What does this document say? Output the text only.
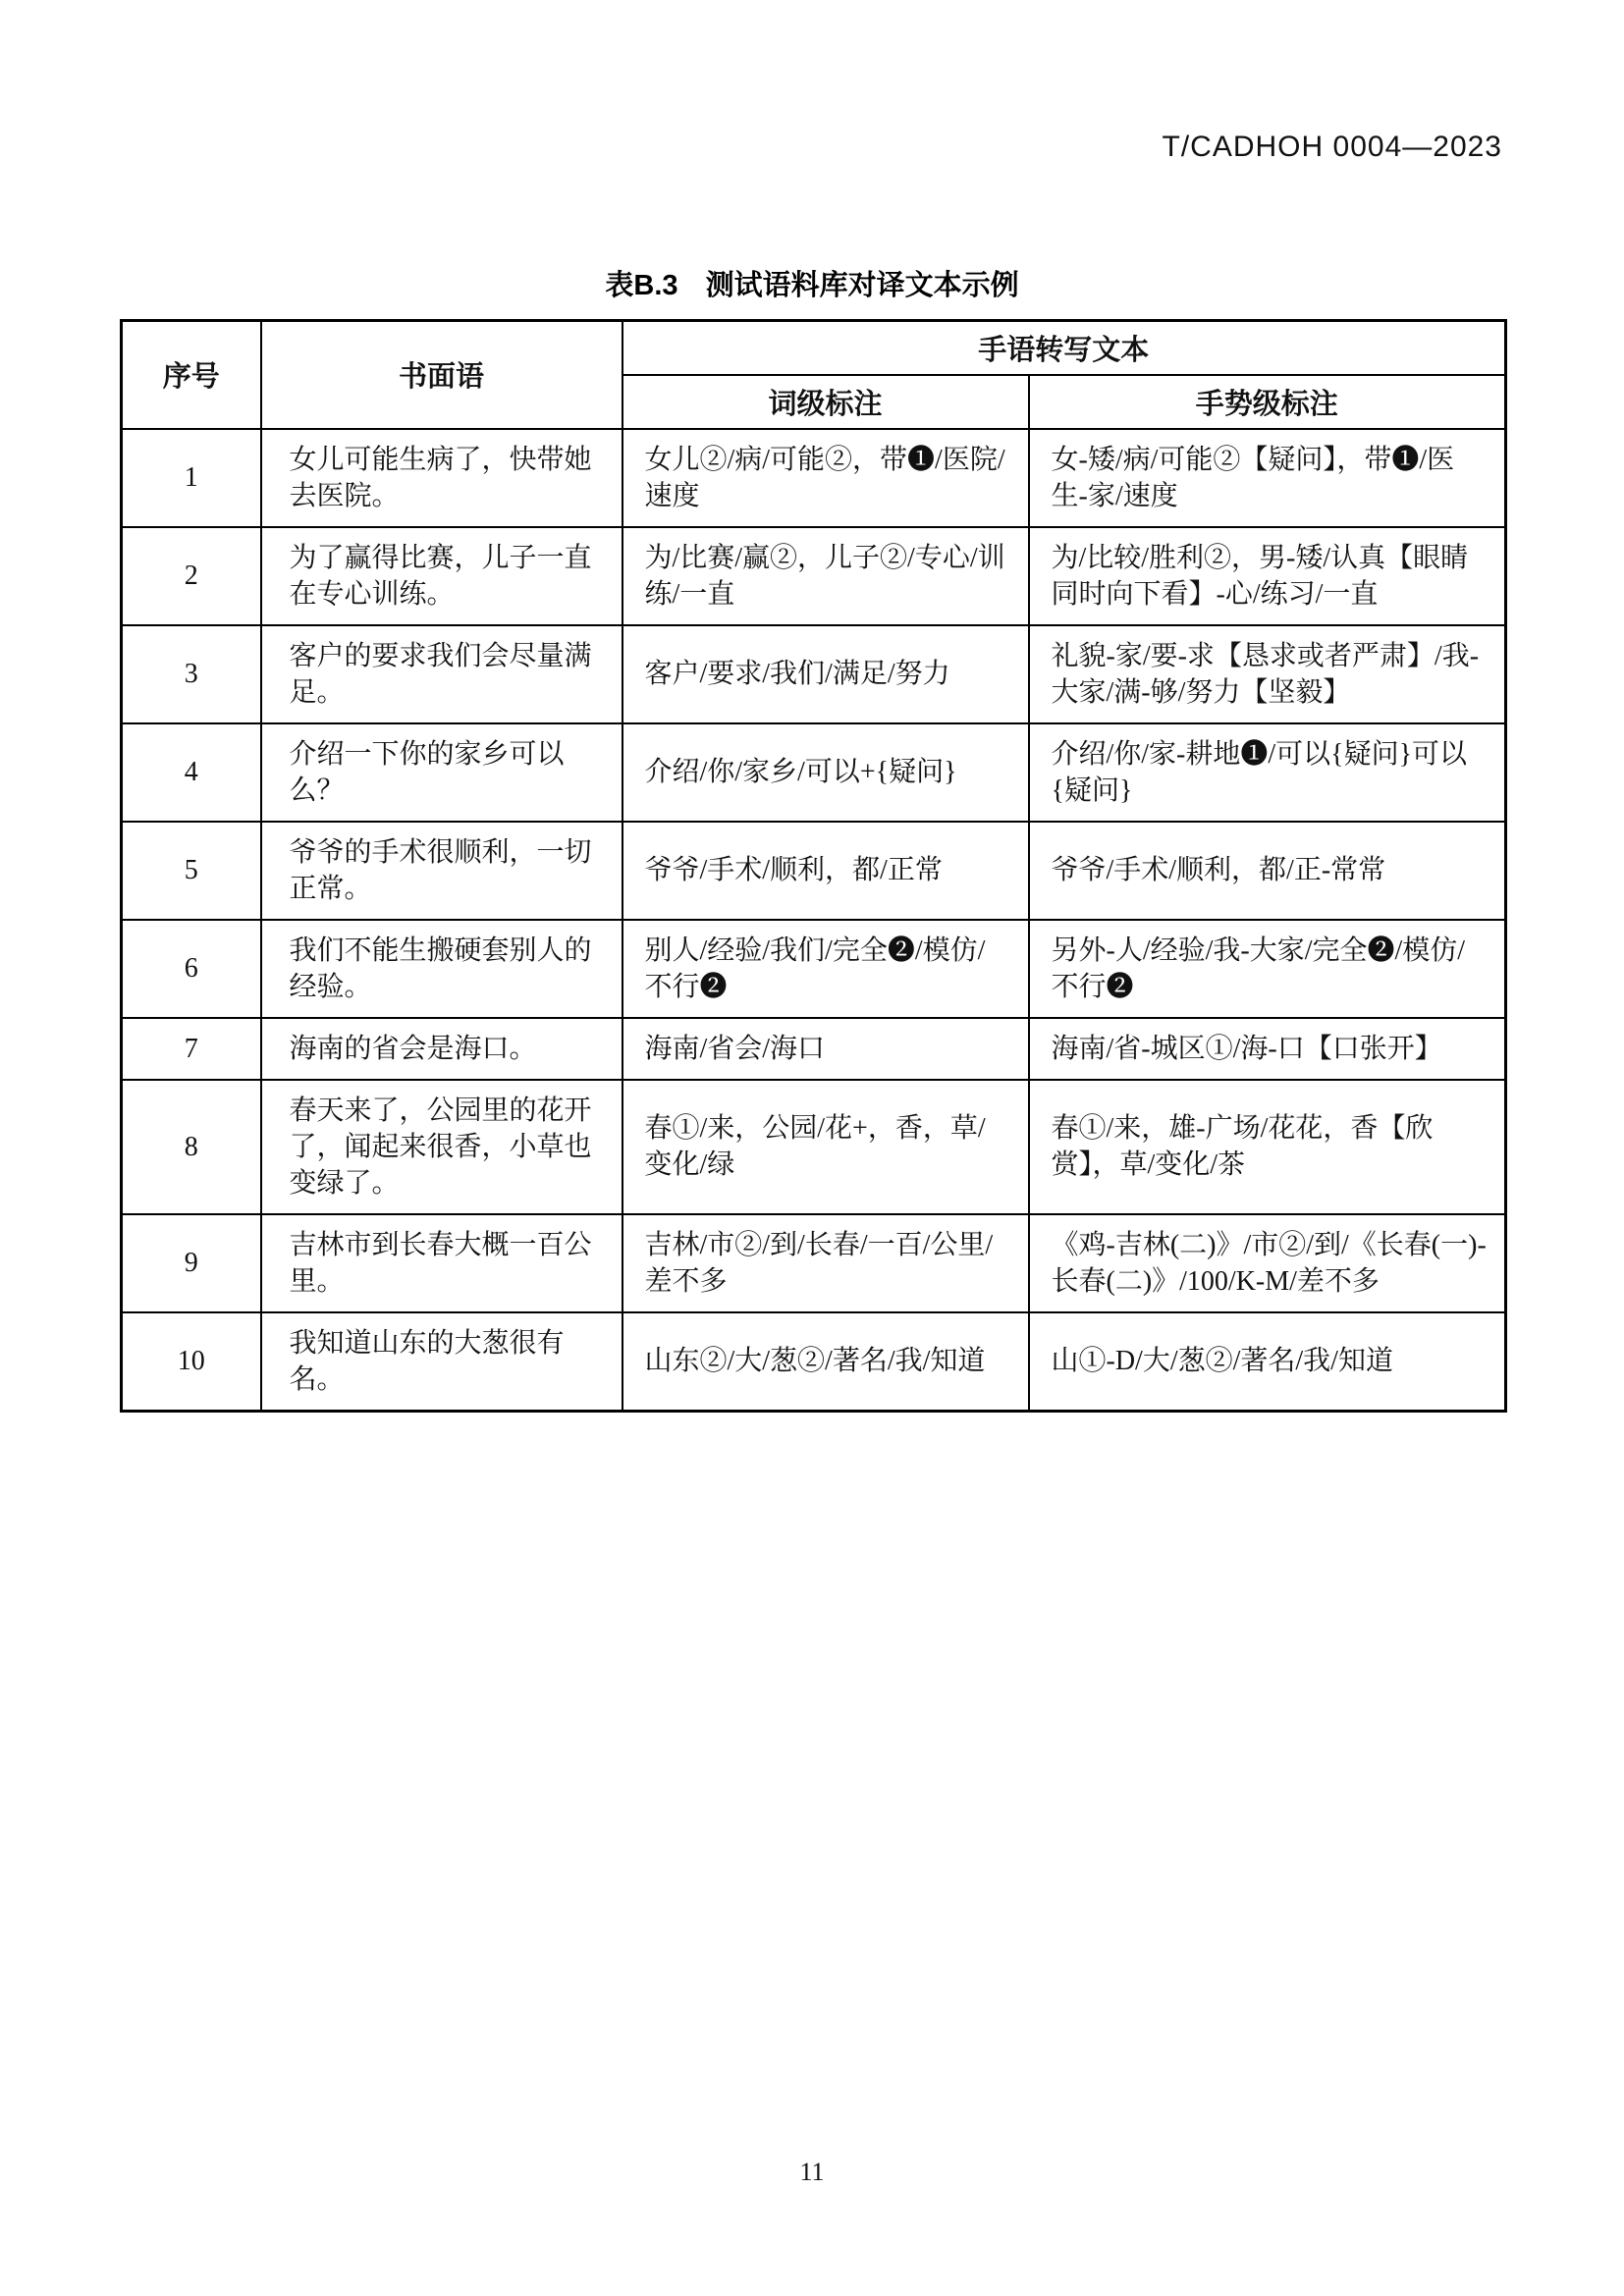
T/CADHOH 0004—2023
表B.3 测试语料库对译文本示例
序号	书面语	手语转写文本	
		词级标注	手势级标注
1	女儿可能生病了，快带她去医院。	女儿②/病/可能②，带❶/医院/速度	女-矮/病/可能②【疑问】，带❶/医生-家/速度
2	为了赢得比赛，儿子一直在专心训练。	为/比赛/赢②，儿子②/专心/训练/一直	为/比较/胜利②，男-矮/认真【眼睛同时向下看】-心/练习/一直
3	客户的要求我们会尽量满足。	客户/要求/我们/满足/努力	礼貌-家/要-求【恳求或者严肃】/我-大家/满-够/努力【坚毅】
4	介绍一下你的家乡可以么？	介绍/你/家乡/可以+{疑问}	介绍/你/家-耕地❶/可以{疑问}可以{疑问}
5	爷爷的手术很顺利，一切正常。	爷爷/手术/顺利，都/正常	爷爷/手术/顺利，都/正-常常
6	我们不能生搬硬套别人的经验。	别人/经验/我们/完全❷/模仿/不行❷	另外-人/经验/我-大家/完全❷/模仿/不行❷
7	海南的省会是海口。	海南/省会/海口	海南/省-城区①/海-口【口张开】
8	春天来了，公园里的花开了，闻起来很香，小草也变绿了。	春①/来，公园/花+，香，草/变化/绿	春①/来，雄-广场/花花，香【欣赏】，草/变化/茶
9	吉林市到长春大概一百公里。	吉林/市②/到/长春/一百/公里/差不多	《鸡-吉林(二)》/市②/到/《长春(一)-长春(二)》/100/K-M/差不多
10	我知道山东的大葱很有名。	山东②/大/葱②/著名/我/知道	山①-D/大/葱②/著名/我/知道
11
